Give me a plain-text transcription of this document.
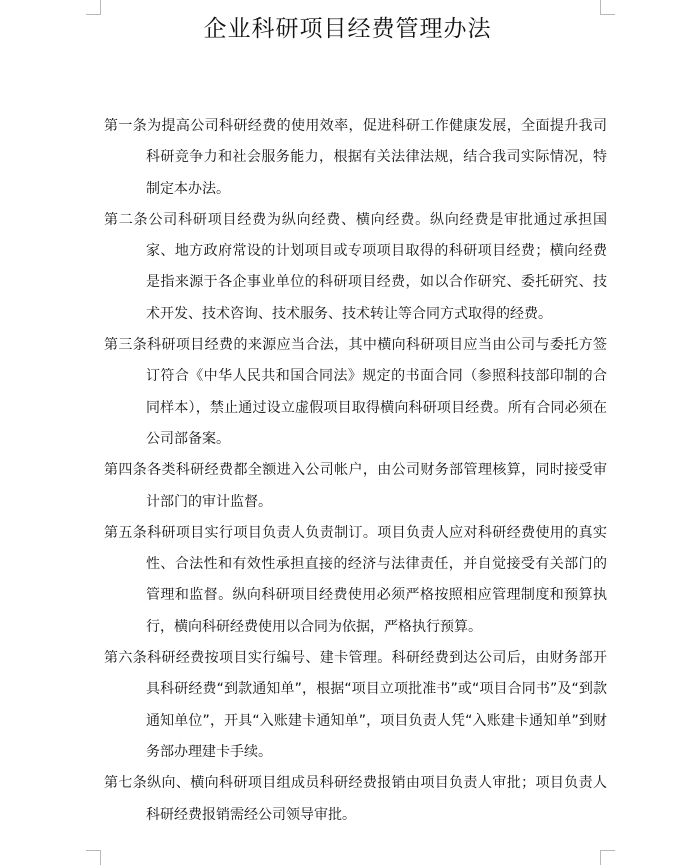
企业科研项目经费管理办法

第一条为提高公司科研经费的使用效率，促进科研工作健康发展，全面提升我司科研竞争力和社会服务能力，根据有关法律法规，结合我司实际情况，特制定本办法。

第二条公司科研项目经费为纵向经费、横向经费。纵向经费是审批通过承担国家、地方政府常设的计划项目或专项项目取得的科研项目经费；横向经费是指来源于各企事业单位的科研项目经费，如以合作研究、委托研究、技术开发、技术咨询、技术服务、技术转让等合同方式取得的经费。

第三条科研项目经费的来源应当合法，其中横向科研项目应当由公司与委托方签订符合《中华人民共和国合同法》规定的书面合同（参照科技部印制的合同样本），禁止通过设立虚假项目取得横向科研项目经费。所有合同必须在公司部备案。

第四条各类科研经费都全额进入公司帐户，由公司财务部管理核算，同时接受审计部门的审计监督。

第五条科研项目实行项目负责人负责制订。项目负责人应对科研经费使用的真实性、合法性和有效性承担直接的经济与法律责任，并自觉接受有关部门的管理和监督。纵向科研项目经费使用必须严格按照相应管理制度和预算执行，横向科研经费使用以合同为依据，严格执行预算。

第六条科研经费按项目实行编号、建卡管理。科研经费到达公司后，由财务部开具科研经费“到款通知单”，根据“项目立项批准书”或“项目合同书”及“到款通知单位”，开具“入账建卡通知单”，项目负责人凭“入账建卡通知单”到财务部办理建卡手续。

第七条纵向、横向科研项目组成员科研经费报销由项目负责人审批；项目负责人科研经费报销需经公司领导审批。
